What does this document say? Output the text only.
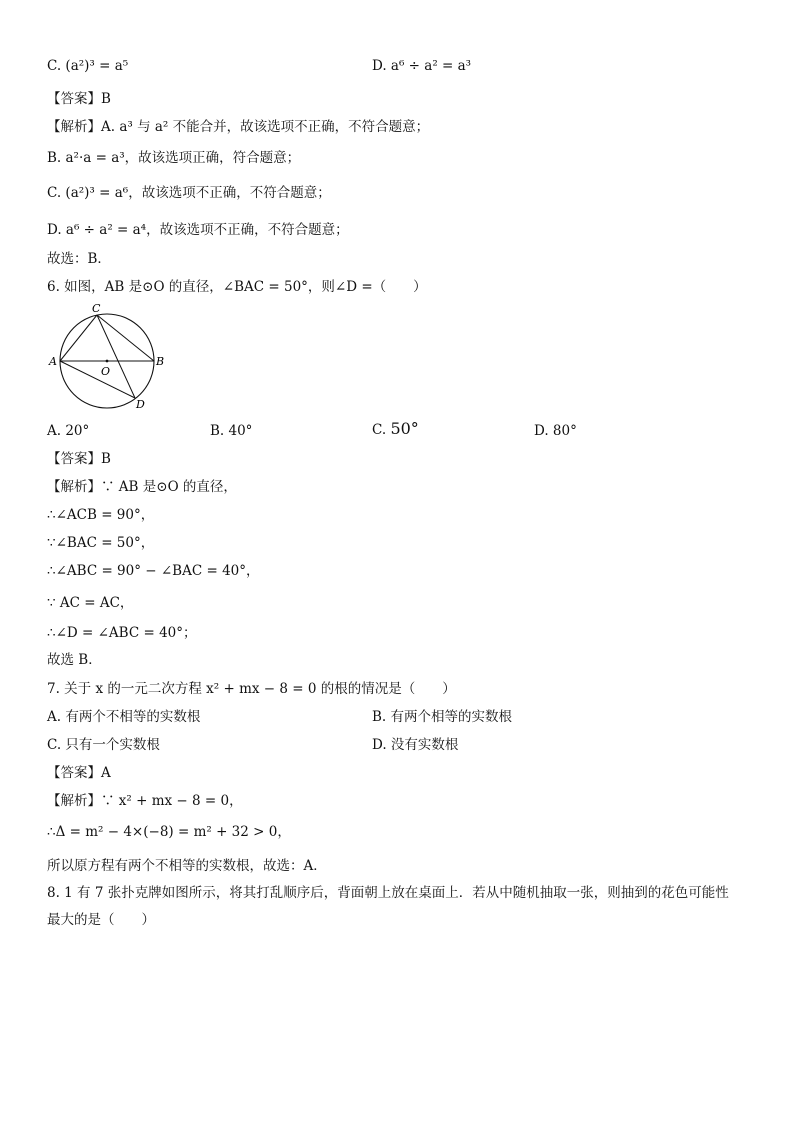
C. (a²)³ = a⁵	D. a⁶ ÷ a² = a³
【答案】B
【解析】A. a³ 与 a² 不能合并，故该选项不正确，不符合题意；
B. a²·a = a³，故该选项正确，符合题意；
C. (a²)³ = a⁶，故该选项不正确，不符合题意；
D. a⁶ ÷ a² = a⁴，故该选项不正确，不符合题意；
故选：B．
6. 如图，AB 是⊙O 的直径，∠BAC = 50°，则∠D =（　　）
C
A	B
O
D
A. 20°	B. 40°	C. 50°	D. 80°
【答案】B
【解析】∵ AB 是⊙O 的直径，
∴∠ACB = 90°，
∵∠BAC = 50°，
∴∠ABC = 90° − ∠BAC = 40°，
∵ AC = AC，
∴∠D = ∠ABC = 40°；
故选 B．
7. 关于 x 的一元二次方程 x² + mx − 8 = 0 的根的情况是（　　）
A. 有两个不相等的实数根	B. 有两个相等的实数根
C. 只有一个实数根	D. 没有实数根
【答案】A
【解析】∵ x² + mx − 8 = 0，
∴Δ = m² − 4×(−8) = m² + 32 > 0，
所以原方程有两个不相等的实数根，故选：A．
8. 1 有 7 张扑克牌如图所示，将其打乱顺序后，背面朝上放在桌面上．若从中随机抽取一张，则抽到的花色可能性
最大的是（　　）
